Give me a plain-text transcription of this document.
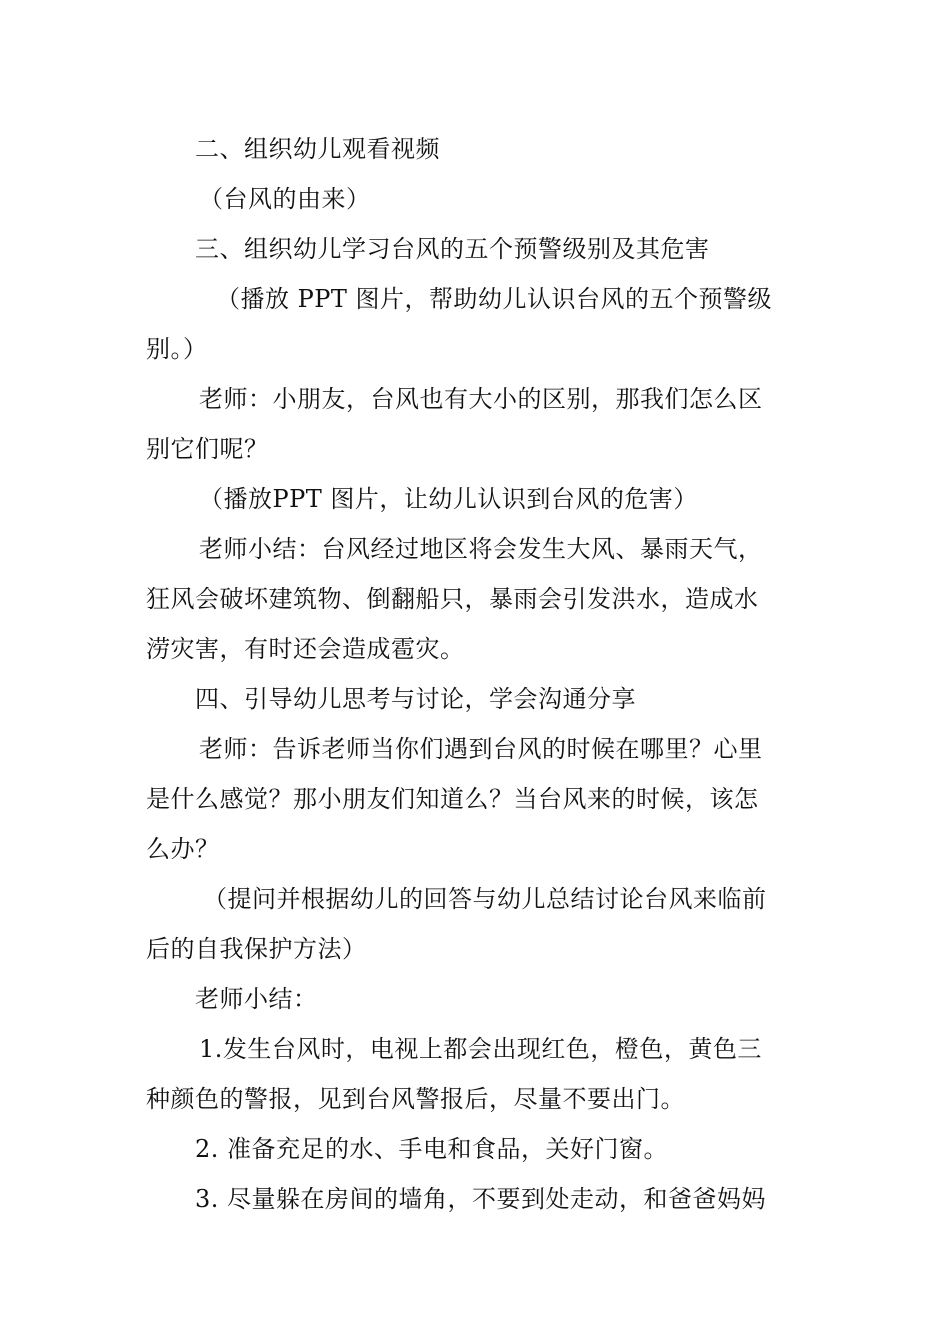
二、组织幼儿观看视频
（台风的由来）
三、组织幼儿学习台风的五个预警级别及其危害
（播放 PPT 图片，帮助幼儿认识台风的五个预警级
别。）
老师：小朋友，台风也有大小的区别，那我们怎么区
别它们呢？
（播放PPT 图片，让幼儿认识到台风的危害）
老师小结：台风经过地区将会发生大风、暴雨天气，
狂风会破坏建筑物、倒翻船只，暴雨会引发洪水，造成水
涝灾害，有时还会造成雹灾。
四、引导幼儿思考与讨论，学会沟通分享
老师：告诉老师当你们遇到台风的时候在哪里？心里
是什么感觉？那小朋友们知道么？当台风来的时候，该怎
么办？
（提问并根据幼儿的回答与幼儿总结讨论台风来临前
后的自我保护方法）
老师小结：
1.发生台风时，电视上都会出现红色，橙色，黄色三
种颜色的警报，见到台风警报后，尽量不要出门。
2. 准备充足的水、手电和食品，关好门窗。
3. 尽量躲在房间的墙角，不要到处走动，和爸爸妈妈
